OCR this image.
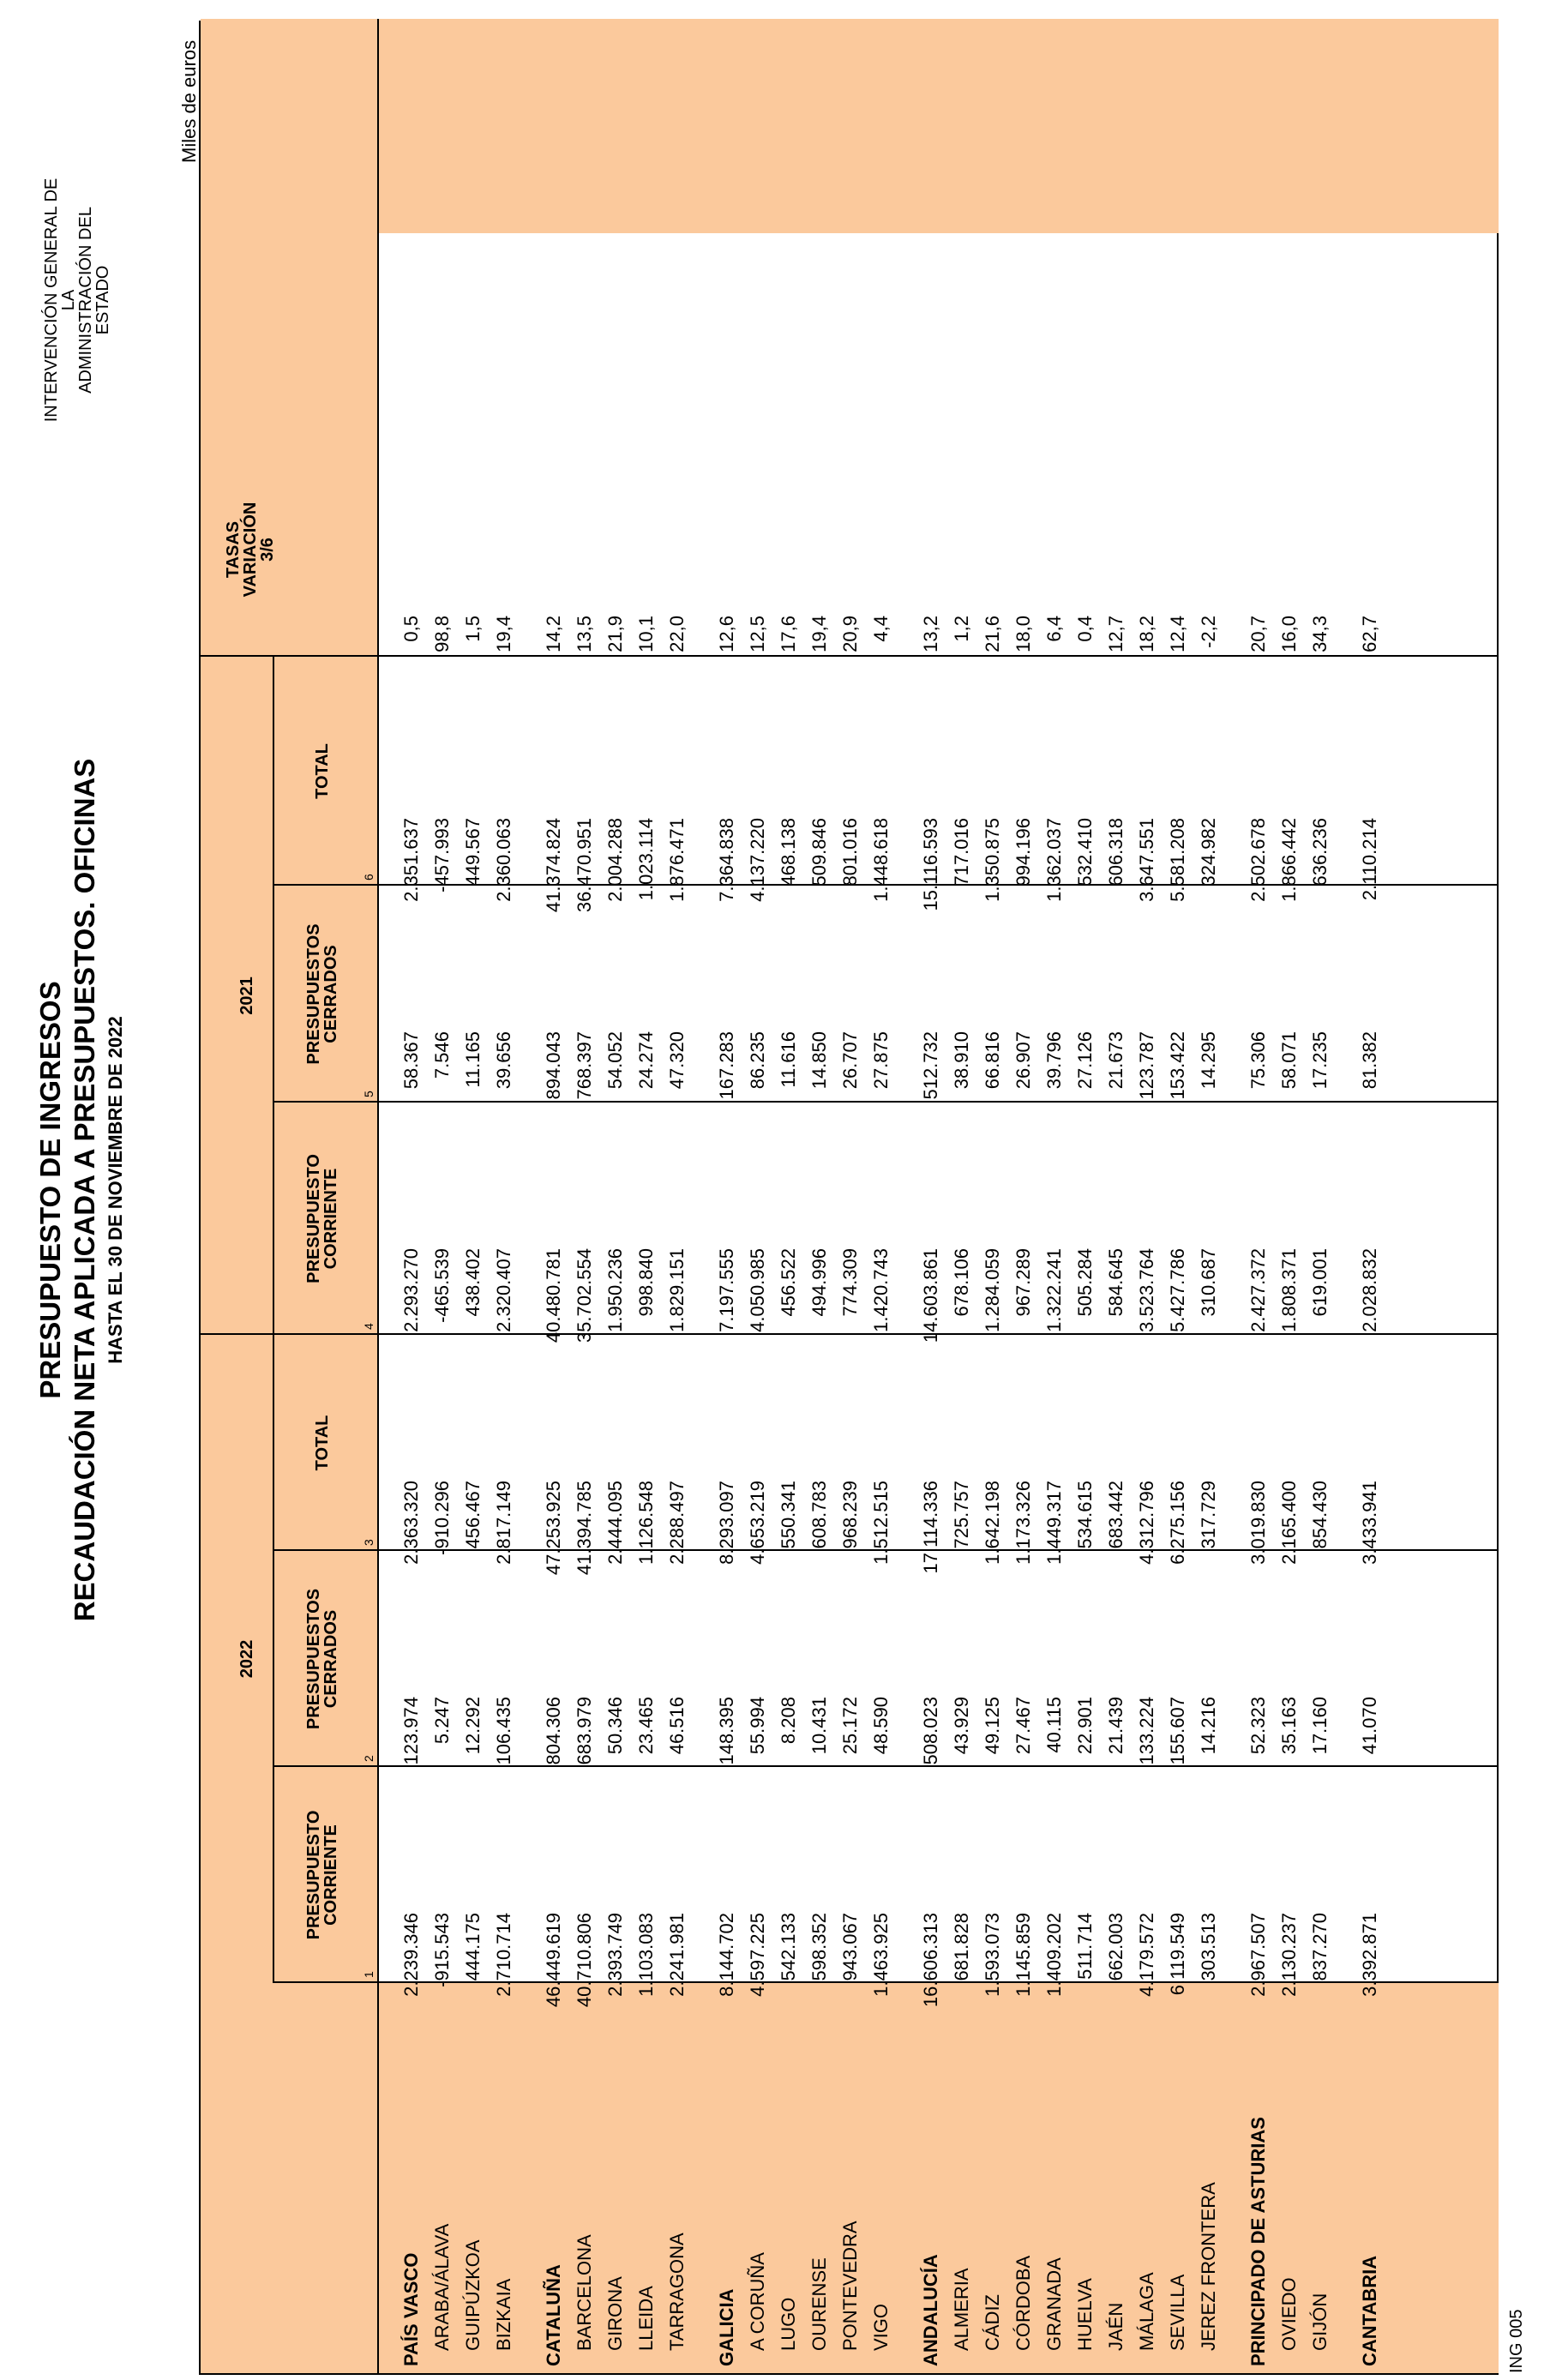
PRESUPUESTO DE INGRESOS RECAUDACIÓN NETA APLICADA A PRESUPUESTOS. OFICINAS HASTA EL 30 DE NOVIEMBRE DE 2022
INTERVENCIÓN GENERAL DE LA
ADMINISTRACIÓN DEL ESTADO
Miles de euros
2022
2021
PRESUPUESTO
CORRIENTE
PRESUPUESTOS
CERRADOS
TOTAL
PRESUPUESTO
CORRIENTE
PRESUPUESTOS
CERRADOS
TOTAL
TASAS
VARIACIÓN
3/6
1
2
3
4
5
6
PAÍS VASCO
2.239.346
123.974
2.363.320
2.293.270
58.367
2.351.637
0,5
ARABA/ÁLAVA
-915.543
5.247
-910.296
-465.539
7.546
-457.993
98,8
GUIPÚZKOA
444.175
12.292
456.467
438.402
11.165
449.567
1,5
BIZKAIA
2.710.714
106.435
2.817.149
2.320.407
39.656
2.360.063
19,4
CATALUÑA
46.449.619
804.306
47.253.925
40.480.781
894.043
41.374.824
14,2
BARCELONA
40.710.806
683.979
41.394.785
35.702.554
768.397
36.470.951
13,5
GIRONA
2.393.749
50.346
2.444.095
1.950.236
54.052
2.004.288
21,9
LLEIDA
1.103.083
23.465
1.126.548
998.840
24.274
1.023.114
10,1
TARRAGONA
2.241.981
46.516
2.288.497
1.829.151
47.320
1.876.471
22,0
GALICIA
8.144.702
148.395
8.293.097
7.197.555
167.283
7.364.838
12,6
A CORUÑA
4.597.225
55.994
4.653.219
4.050.985
86.235
4.137.220
12,5
LUGO
542.133
8.208
550.341
456.522
11.616
468.138
17,6
OURENSE
598.352
10.431
608.783
494.996
14.850
509.846
19,4
PONTEVEDRA
943.067
25.172
968.239
774.309
26.707
801.016
20,9
VIGO
1.463.925
48.590
1.512.515
1.420.743
27.875
1.448.618
4,4
ANDALUCÍA
16.606.313
508.023
17.114.336
14.603.861
512.732
15.116.593
13,2
ALMERIA
681.828
43.929
725.757
678.106
38.910
717.016
1,2
CÁDIZ
1.593.073
49.125
1.642.198
1.284.059
66.816
1.350.875
21,6
CÓRDOBA
1.145.859
27.467
1.173.326
967.289
26.907
994.196
18,0
GRANADA
1.409.202
40.115
1.449.317
1.322.241
39.796
1.362.037
6,4
HUELVA
511.714
22.901
534.615
505.284
27.126
532.410
0,4
JAÉN
662.003
21.439
683.442
584.645
21.673
606.318
12,7
MÁLAGA
4.179.572
133.224
4.312.796
3.523.764
123.787
3.647.551
18,2
SEVILLA
6.119.549
155.607
6.275.156
5.427.786
153.422
5.581.208
12,4
JEREZ FRONTERA
303.513
14.216
317.729
310.687
14.295
324.982
-2,2
PRINCIPADO DE ASTURIAS
2.967.507
52.323
3.019.830
2.427.372
75.306
2.502.678
20,7
OVIEDO
2.130.237
35.163
2.165.400
1.808.371
58.071
1.866.442
16,0
GIJÓN
837.270
17.160
854.430
619.001
17.235
636.236
34,3
CANTABRIA
3.392.871
41.070
3.433.941
2.028.832
81.382
2.110.214
62,7
ING 005
